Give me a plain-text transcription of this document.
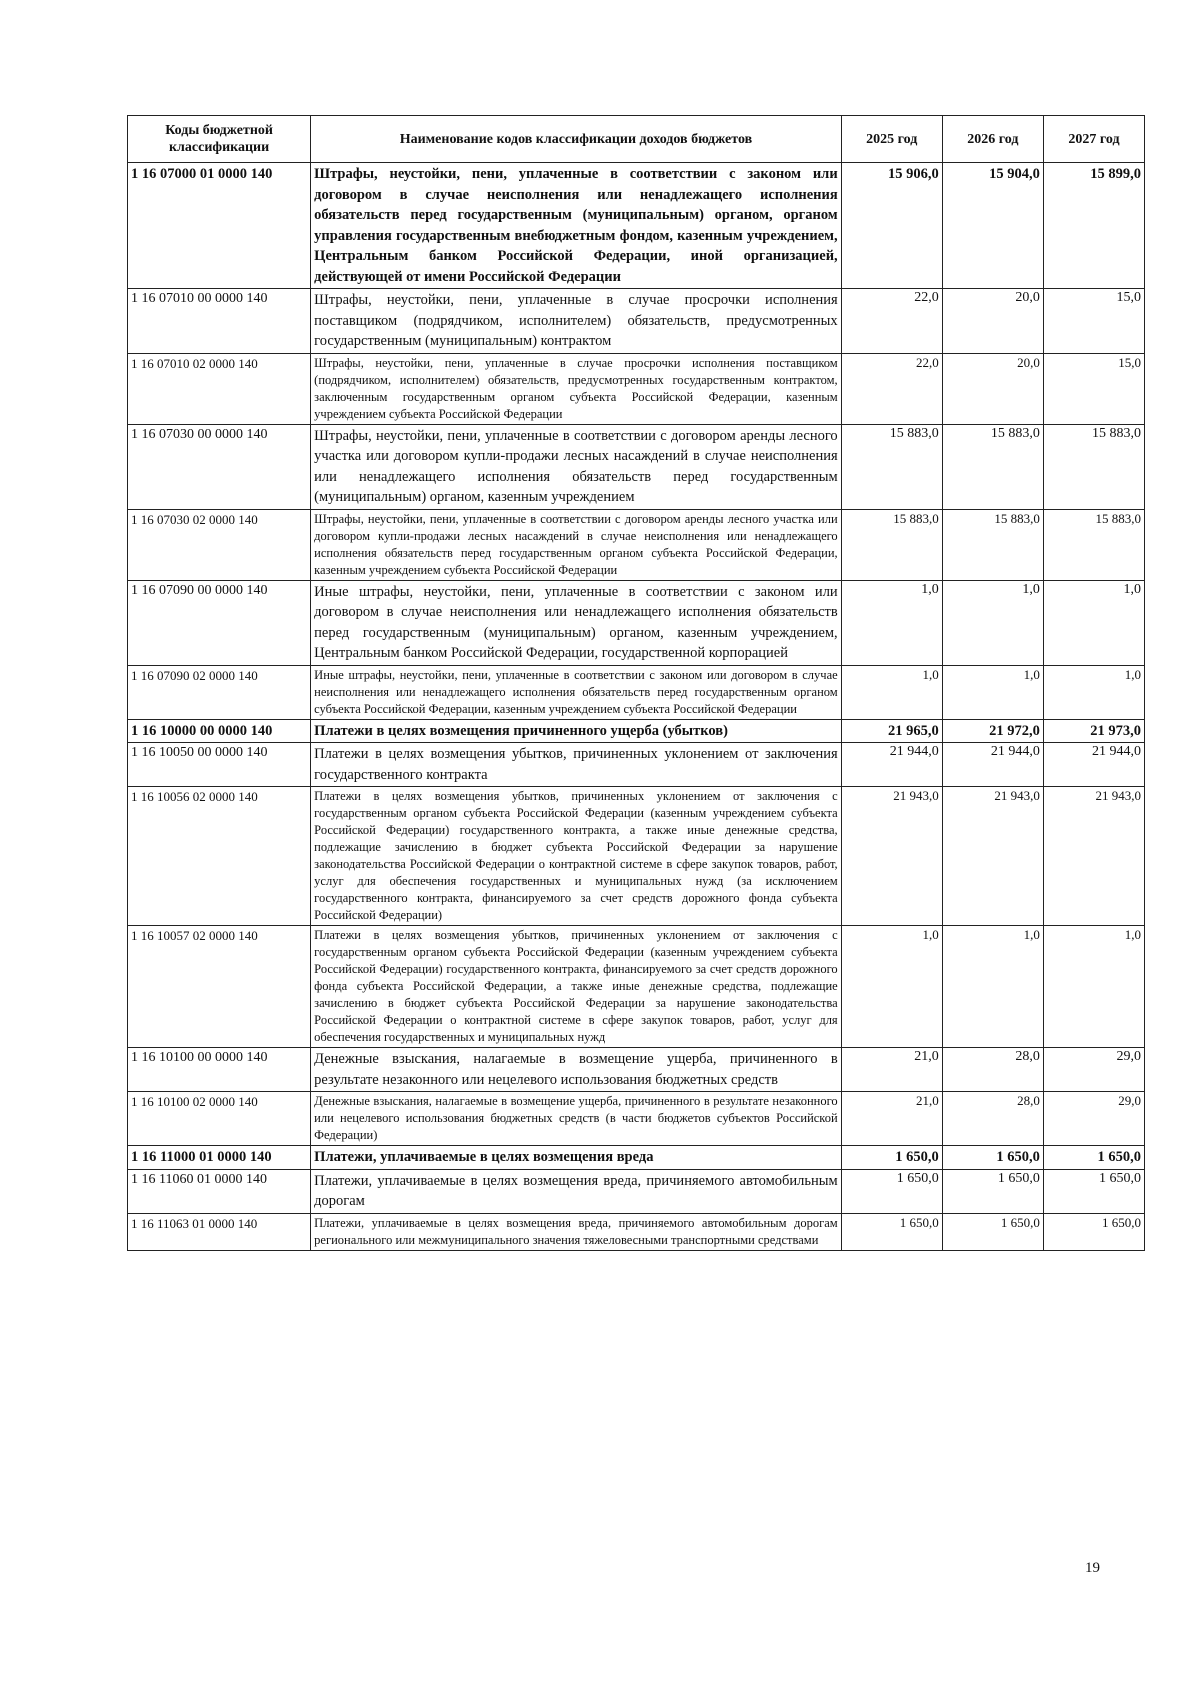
Коды бюджетной классификации	Наименование кодов классификации доходов бюджетов	2025 год	2026 год	2027 год
1 16 07000 01 0000 140	Штрафы, неустойки, пени, уплаченные в соответствии с законом или договором в случае неисполнения или ненадлежащего исполнения обязательств перед государственным (муниципальным) органом, органом управления государственным внебюджетным фондом, казенным учреждением, Центральным банком Российской Федерации, иной организацией, действующей от имени Российской Федерации	15 906,0	15 904,0	15 899,0
1 16 07010 00 0000 140	Штрафы, неустойки, пени, уплаченные в случае просрочки исполнения поставщиком (подрядчиком, исполнителем) обязательств, предусмотренных государственным (муниципальным) контрактом	22,0	20,0	15,0
1 16 07010 02 0000 140	Штрафы, неустойки, пени, уплаченные в случае просрочки исполнения поставщиком (подрядчиком, исполнителем) обязательств, предусмотренных государственным контрактом, заключенным государственным органом субъекта Российской Федерации, казенным учреждением субъекта Российской Федерации	22,0	20,0	15,0
1 16 07030 00 0000 140	Штрафы, неустойки, пени, уплаченные в соответствии с договором аренды лесного участка или договором купли-продажи лесных насаждений в случае неисполнения или ненадлежащего исполнения обязательств перед государственным (муниципальным) органом, казенным учреждением	15 883,0	15 883,0	15 883,0
1 16 07030 02 0000 140	Штрафы, неустойки, пени, уплаченные в соответствии с договором аренды лесного участка или договором купли-продажи лесных насаждений в случае неисполнения или ненадлежащего исполнения обязательств перед государственным органом субъекта Российской Федерации, казенным учреждением субъекта Российской Федерации	15 883,0	15 883,0	15 883,0
1 16 07090 00 0000 140	Иные штрафы, неустойки, пени, уплаченные в соответствии с законом или договором в случае неисполнения или ненадлежащего исполнения обязательств перед государственным (муниципальным) органом, казенным учреждением, Центральным банком Российской Федерации, государственной корпорацией	1,0	1,0	1,0
1 16 07090 02 0000 140	Иные штрафы, неустойки, пени, уплаченные в соответствии с законом или договором в случае неисполнения или ненадлежащего исполнения обязательств перед государственным органом субъекта Российской Федерации, казенным учреждением субъекта Российской Федерации	1,0	1,0	1,0
1 16 10000 00 0000 140	Платежи в целях возмещения причиненного ущерба (убытков)	21 965,0	21 972,0	21 973,0
1 16 10050 00 0000 140	Платежи в целях возмещения убытков, причиненных уклонением от заключения государственного контракта	21 944,0	21 944,0	21 944,0
1 16 10056 02 0000 140	Платежи в целях возмещения убытков, причиненных уклонением от заключения с государственным органом субъекта Российской Федерации (казенным учреждением субъекта Российской Федерации) государственного контракта, а также иные денежные средства, подлежащие зачислению в бюджет субъекта Российской Федерации за нарушение законодательства Российской Федерации о контрактной системе в сфере закупок товаров, работ, услуг для обеспечения государственных и муниципальных нужд (за исключением государственного контракта, финансируемого за счет средств дорожного фонда субъекта Российской Федерации)	21 943,0	21 943,0	21 943,0
1 16 10057 02 0000 140	Платежи в целях возмещения убытков, причиненных уклонением от заключения с государственным органом субъекта Российской Федерации (казенным учреждением субъекта Российской Федерации) государственного контракта, финансируемого за счет средств дорожного фонда субъекта Российской Федерации, а также иные денежные средства, подлежащие зачислению в бюджет субъекта Российской Федерации за нарушение законодательства Российской Федерации о контрактной системе в сфере закупок товаров, работ, услуг для обеспечения государственных и муниципальных нужд	1,0	1,0	1,0
1 16 10100 00 0000 140	Денежные взыскания, налагаемые в возмещение ущерба, причиненного в результате незаконного или нецелевого использования бюджетных средств	21,0	28,0	29,0
1 16 10100 02 0000 140	Денежные взыскания, налагаемые в возмещение ущерба, причиненного в результате незаконного или нецелевого использования бюджетных средств (в части бюджетов субъектов Российской Федерации)	21,0	28,0	29,0
1 16 11000 01 0000 140	Платежи, уплачиваемые в целях возмещения вреда	1 650,0	1 650,0	1 650,0
1 16 11060 01 0000 140	Платежи, уплачиваемые в целях возмещения вреда, причиняемого автомобильным дорогам	1 650,0	1 650,0	1 650,0
1 16 11063 01 0000 140	Платежи, уплачиваемые в целях возмещения вреда, причиняемого автомобильным дорогам регионального или межмуниципального значения тяжеловесными транспортными средствами	1 650,0	1 650,0	1 650,0
19
